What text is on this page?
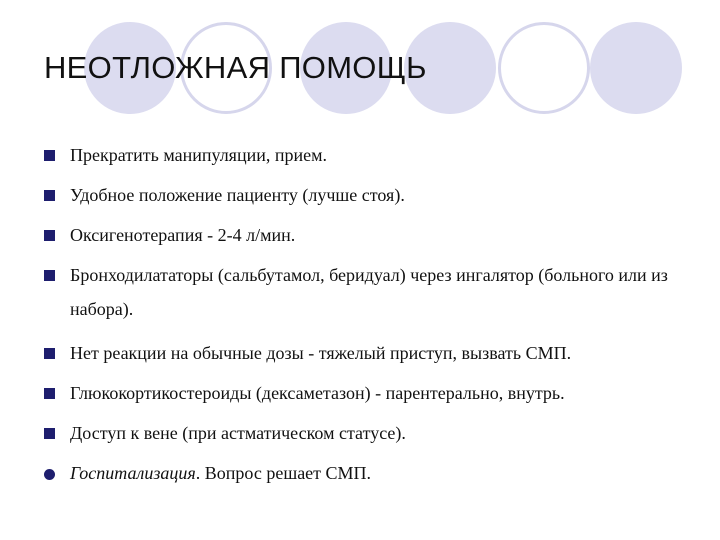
НЕОТЛОЖНАЯ ПОМОЩЬ
Прекратить манипуляции, прием.
Удобное положение пациенту (лучше стоя).
Оксигенотерапия - 2-4 л/мин.
Бронходилататоры (сальбутамол, беридуал) через ингалятор (больного или из набора).
Нет реакции на обычные дозы - тяжелый приступ, вызвать СМП.
Глюкокортикостероиды (дексаметазон) - парентерально, внутрь.
Доступ к вене (при астматическом статусе).
Госпитализация. Вопрос решает СМП.
